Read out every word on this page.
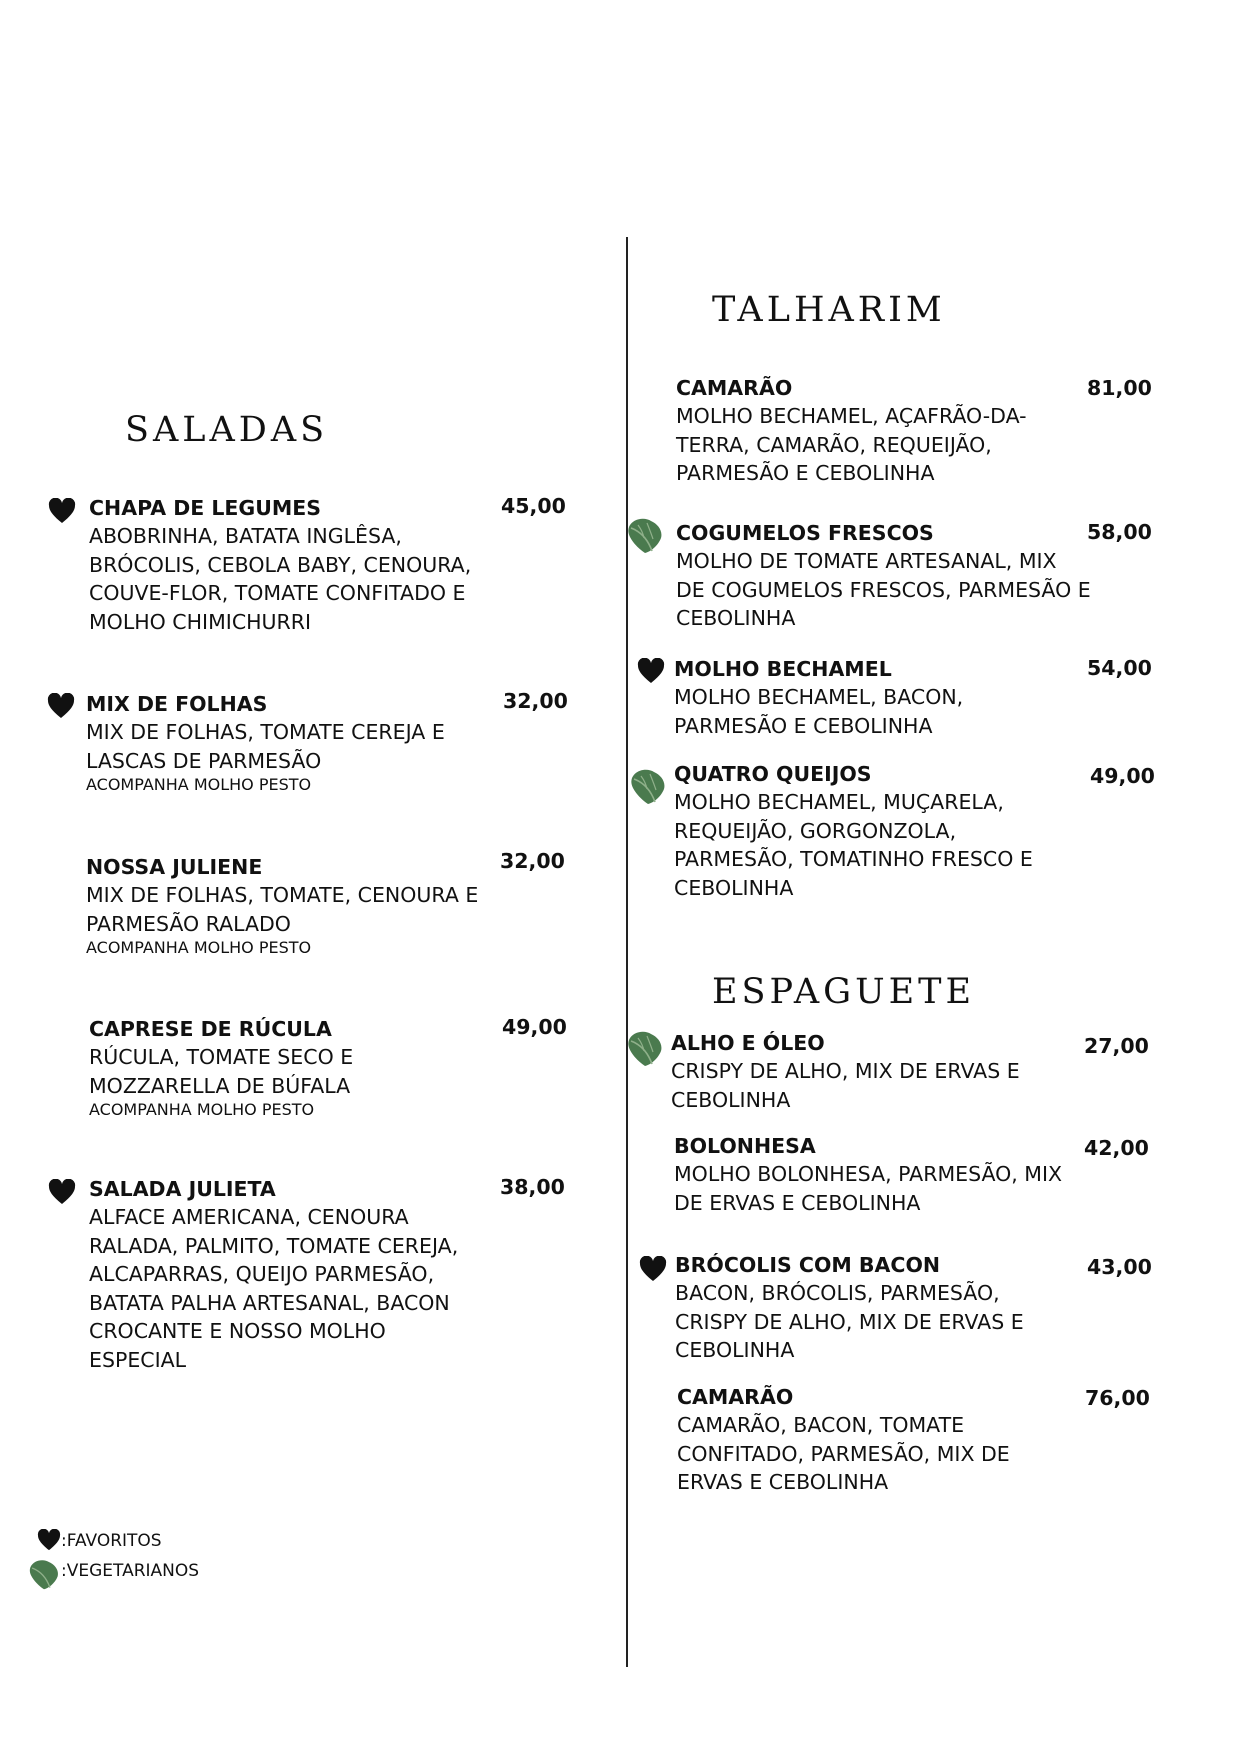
SALADAS
TALHARIM
ESPAGUETE
CHAPA DE LEGUMES
ABOBRINHA, BATATA INGLÊSA, BRÓCOLIS, CEBOLA BABY, CENOURA, COUVE-FLOR, TOMATE CONFITADO E MOLHO CHIMICHURRI
45,00
MIX DE FOLHAS
MIX DE FOLHAS, TOMATE CEREJA E LASCAS DE PARMESÃO
ACOMPANHA MOLHO PESTO
32,00
NOSSA JULIENE
MIX DE FOLHAS, TOMATE, CENOURA E PARMESÃO RALADO
ACOMPANHA MOLHO PESTO
32,00
CAPRESE DE RÚCULA
RÚCULA, TOMATE SECO E MOZZARELLA DE BÚFALA
ACOMPANHA MOLHO PESTO
49,00
SALADA JULIETA
ALFACE AMERICANA, CENOURA RALADA, PALMITO, TOMATE CEREJA, ALCAPARRAS, QUEIJO PARMESÃO, BATATA PALHA ARTESANAL, BACON CROCANTE E NOSSO MOLHO ESPECIAL
38,00
CAMARÃO
MOLHO BECHAMEL, AÇAFRÃO-DA-TERRA, CAMARÃO, REQUEIJÃO, PARMESÃO E CEBOLINHA
81,00
COGUMELOS FRESCOS
MOLHO DE TOMATE ARTESANAL, MIX DE COGUMELOS FRESCOS, PARMESÃO E CEBOLINHA
58,00
MOLHO BECHAMEL
MOLHO BECHAMEL, BACON, PARMESÃO E CEBOLINHA
54,00
QUATRO QUEIJOS
MOLHO BECHAMEL, MUÇARELA, REQUEIJÃO, GORGONZOLA, PARMESÃO, TOMATINHO FRESCO E CEBOLINHA
49,00
ALHO E ÓLEO
CRISPY DE ALHO, MIX DE ERVAS E CEBOLINHA
27,00
BOLONHESA
MOLHO BOLONHESA, PARMESÃO, MIX DE ERVAS E CEBOLINHA
42,00
BRÓCOLIS COM BACON
BACON, BRÓCOLIS, PARMESÃO, CRISPY DE ALHO, MIX DE ERVAS E CEBOLINHA
43,00
CAMARÃO
CAMARÃO, BACON, TOMATE CONFITADO, PARMESÃO, MIX DE ERVAS E CEBOLINHA
76,00
:FAVORITOS
:VEGETARIANOS
